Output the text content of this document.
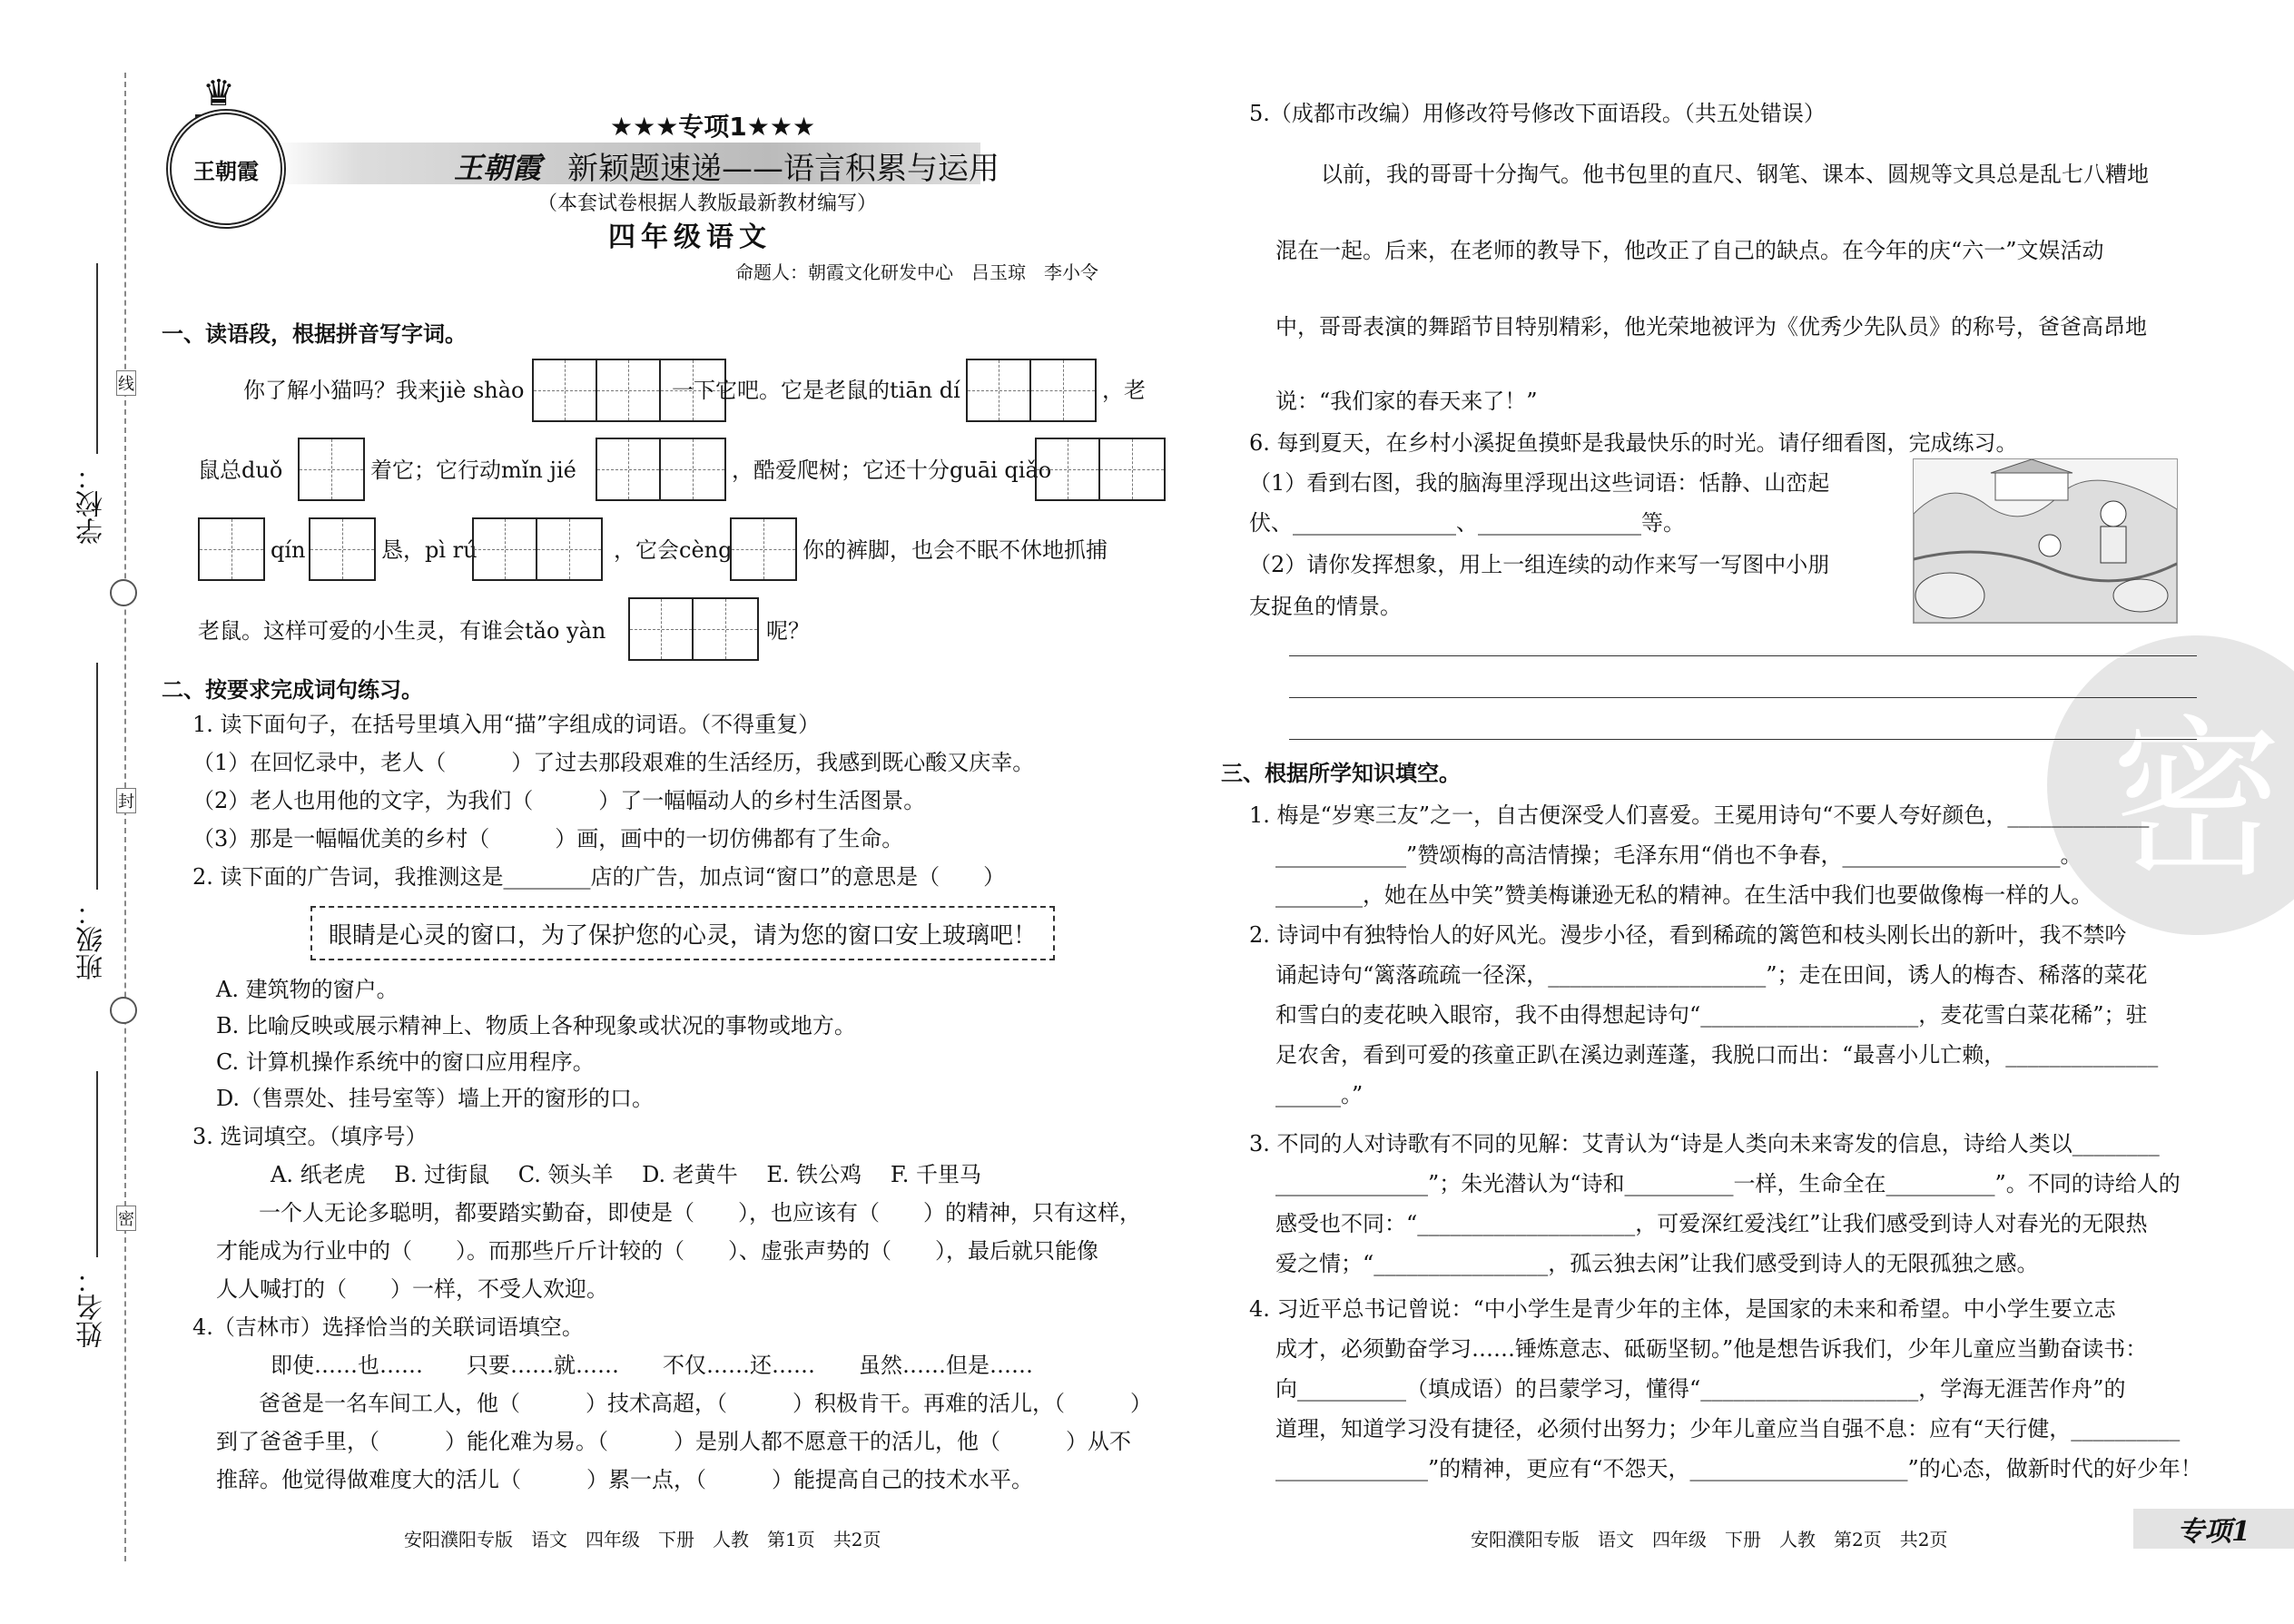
线
封
密
学校：
班级：
姓名：
♛
王朝霞
★★★专项1★★★
王朝霞 新颖题速递——语言积累与运用
（本套试卷根据人教版最新教材编写）
四年级语文
命题人：朝霞文化研发中心　吕玉琼　李小令
一、读语段，根据拼音写字词。
你了解小猫吗？我来jiè shào	一下它吧。它是老鼠的tiān dí	，老
鼠总duǒ	着它；它行动mǐn jié	，酷爱爬树；它还十分guāi qiǎo
qín	恳，pì rú	，它会cèng	你的裤脚，也会不眠不休地抓捕
老鼠。这样可爱的小生灵，有谁会tǎo yàn	呢？
二、按要求完成词句练习。
1. 读下面句子，在括号里填入用“描”字组成的词语。（不得重复）
（1）在回忆录中，老人（　　　）了过去那段艰难的生活经历，我感到既心酸又庆幸。
（2）老人也用他的文字，为我们（　　　）了一幅幅动人的乡村生活图景。
（3）那是一幅幅优美的乡村（　　　）画，画中的一切仿佛都有了生命。
2. 读下面的广告词，我推测这是________店的广告，加点词“窗口”的意思是（　　）
眼睛是心灵的窗口，为了保护您的心灵，请为您的窗口安上玻璃吧！
A. 建筑物的窗户。
B. 比喻反映或展示精神上、物质上各种现象或状况的事物或地方。
C. 计算机操作系统中的窗口应用程序。
D.（售票处、挂号室等）墙上开的窗形的口。
3. 选词填空。（填序号）
A. 纸老虎　 B. 过街鼠　 C. 领头羊　 D. 老黄牛　 E. 铁公鸡　 F. 千里马
一个人无论多聪明，都要踏实勤奋，即使是（　　），也应该有（　　）的精神，只有这样，
才能成为行业中的（　　）。而那些斤斤计较的（　　）、虚张声势的（　　），最后就只能像
人人喊打的（　　）一样，不受人欢迎。
4.（吉林市）选择恰当的关联词语填空。
即使……也……　　只要……就……　　不仅……还……　　虽然……但是……
爸爸是一名车间工人，他（　　　）技术高超，（　　　）积极肯干。再难的活儿，（　　　）
到了爸爸手里，（　　　）能化难为易。（　　　）是别人都不愿意干的活儿，他（　　　）从不
推辞。他觉得做难度大的活儿（　　　）累一点，（　　　）能提高自己的技术水平。
安阳濮阳专版　语文　四年级　下册　人教　第1页　共2页
密
5.（成都市改编）用修改符号修改下面语段。（共五处错误）
以前，我的哥哥十分掏气。他书包里的直尺、钢笔、课本、圆规等文具总是乱七八糟地
混在一起。后来，在老师的教导下，他改正了自己的缺点。在今年的庆“六一”文娱活动
中，哥哥表演的舞蹈节目特别精彩，他光荣地被评为《优秀少先队员》的称号，爸爸高昂地
说：“我们家的春天来了！”
6. 每到夏天，在乡村小溪捉鱼摸虾是我最快乐的时光。请仔细看图，完成练习。
（1）看到右图，我的脑海里浮现出这些词语：恬静、山峦起
伏、_______________、_______________等。
（2）请你发挥想象，用上一组连续的动作来写一写图中小朋
友捉鱼的情景。
三、根据所学知识填空。
1. 梅是“岁寒三友”之一，自古便深受人们喜爱。王冕用诗句“不要人夸好颜色，_____________
____________”赞颂梅的高洁情操；毛泽东用“俏也不争春，____________________。
________，她在丛中笑”赞美梅谦逊无私的精神。在生活中我们也要做像梅一样的人。
2. 诗词中有独特怡人的好风光。漫步小径，看到稀疏的篱笆和枝头刚长出的新叶，我不禁吟
诵起诗句“篱落疏疏一径深，____________________”；走在田间，诱人的梅杏、稀落的菜花
和雪白的麦花映入眼帘，我不由得想起诗句“____________________，麦花雪白菜花稀”；驻
足农舍，看到可爱的孩童正趴在溪边剥莲蓬，我脱口而出：“最喜小儿亡赖，______________
______。”
3. 不同的人对诗歌有不同的见解：艾青认为“诗是人类向未来寄发的信息，诗给人类以________
______________”；朱光潜认为“诗和__________一样，生命全在__________”。不同的诗给人的
感受也不同：“____________________，可爱深红爱浅红”让我们感受到诗人对春光的无限热
爱之情；“________________，孤云独去闲”让我们感受到诗人的无限孤独之感。
4. 习近平总书记曾说：“中小学生是青少年的主体，是国家的未来和希望。中小学生要立志
成才，必须勤奋学习……锤炼意志、砥砺坚韧。”他是想告诉我们，少年儿童应当勤奋读书：
向__________（填成语）的吕蒙学习，懂得“____________________，学海无涯苦作舟”的
道理，知道学习没有捷径，必须付出努力；少年儿童应当自强不息：应有“天行健，__________
______________”的精神，更应有“不怨天，____________________”的心态，做新时代的好少年！
安阳濮阳专版　语文　四年级　下册　人教　第2页　共2页	专项1
